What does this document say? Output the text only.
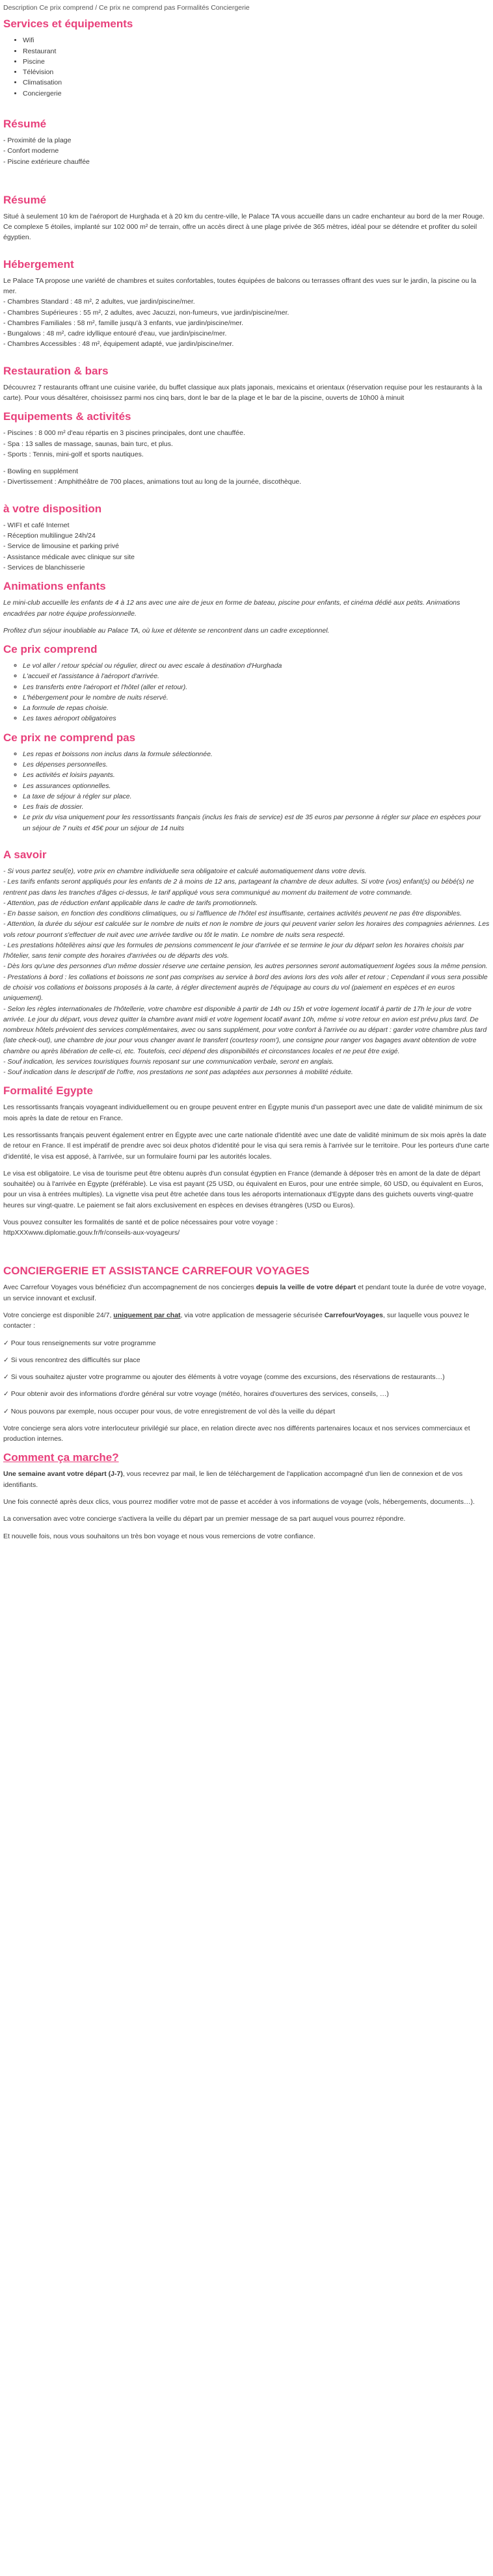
Description Ce prix comprend / Ce prix ne comprend pas Formalités Conciergerie
Services et équipements
• Wifi
• Restaurant
• Piscine
• Télévision
• Climatisation
• Conciergerie
Résumé
- Proximité de la plage
- Confort moderne
- Piscine extérieure chauffée
Résumé

Situé à seulement 10 km de l'aéroport de Hurghada et à 20 km du centre-ville, le Palace TA vous accueille dans un cadre enchanteur au bord de la mer Rouge. Ce complexe 5 étoiles, implanté sur 102 000 m² de terrain, offre un accès direct à une plage privée de 365 mètres, idéal pour se détendre et profiter du soleil égyptien.

Hébergement
Le Palace TA propose une variété de chambres et suites confortables, toutes équipées de balcons ou terrasses offrant des vues sur le jardin, la piscine ou la mer.
- Chambres Standard : 48 m², 2 adultes, vue jardin/piscine/mer.
- Chambres Supérieures : 55 m², 2 adultes, avec Jacuzzi, non-fumeurs, vue jardin/piscine/mer.
- Chambres Familiales : 58 m², famille jusqu'à 3 enfants, vue jardin/piscine/mer.
- Bungalows : 48 m², cadre idyllique entouré d'eau, vue jardin/piscine/mer.
- Chambres Accessibles : 48 m², équipement adapté, vue jardin/piscine/mer.
Restauration & bars

Découvrez 7 restaurants offrant une cuisine variée, du buffet classique aux plats japonais, mexicains et orientaux (réservation requise pour les restaurants à la carte). Pour vous désaltérer, choisissez parmi nos cinq bars, dont le bar de la plage et le bar de la piscine, ouverts de 10h00 à minuit

Equipements & activités
- Piscines : 8 000 m² d'eau répartis en 3 piscines principales, dont une chauffée.
- Spa : 13 salles de massage, saunas, bain turc, et plus.
- Sports : Tennis, mini-golf et sports nautiques.
- Bowling en supplément
- Divertissement : Amphithéâtre de 700 places, animations tout au long de la journée, discothèque.
à votre disposition
- WIFI et café Internet
- Réception multilingue 24h/24
- Service de limousine et parking privé
- Assistance médicale avec clinique sur site
- Services de blanchisserie
Animations enfants

Le mini-club accueille les enfants de 4 à 12 ans avec une aire de jeux en forme de bateau, piscine pour enfants, et cinéma dédié aux petits. Animations encadrées par notre équipe professionnelle.

Profitez d'un séjour inoubliable au Palace TA, où luxe et détente se rencontrent dans un cadre exceptionnel.

Ce prix comprend
◦ Le vol aller / retour spécial ou régulier, direct ou avec escale à destination d'Hurghada
◦ L'accueil et l'assistance à l'aéroport d'arrivée.
◦ Les transferts entre l'aéroport et l'hôtel (aller et retour).
◦ L'hébergement pour le nombre de nuits réservé.
◦ La formule de repas choisie.
◦ Les taxes aéroport obligatoires
Ce prix ne comprend pas
◦ Les repas et boissons non inclus dans la formule sélectionnée.
◦ Les dépenses personnelles.
◦ Les activités et loisirs payants.
◦ Les assurances optionnelles.
◦ La taxe de séjour à régler sur place.
◦ Les frais de dossier.
◦ Le prix du visa uniquement pour les ressortissants français (inclus les frais de service) est de 35 euros par personne à régler sur place en espèces pour un séjour de 7 nuits et 45€ pour un séjour de 14 nuits
A savoir

- Si vous partez seul(e), votre prix en chambre individuelle sera obligatoire et calculé automatiquement dans votre devis.
- Les tarifs enfants seront appliqués pour les enfants de 2 à moins de 12 ans, partageant la chambre de deux adultes. Si votre (vos) enfant(s) ou bébé(s) ne rentrent pas dans les tranches d'âges ci-dessus, le tarif appliqué vous sera communiqué au moment du traitement de votre commande.
- Attention, pas de réduction enfant applicable dans le cadre de tarifs promotionnels.
- En basse saison, en fonction des conditions climatiques, ou si l'affluence de l'hôtel est insuffisante, certaines activités peuvent ne pas être disponibles.
- Attention, la durée du séjour est calculée sur le nombre de nuits et non le nombre de jours qui peuvent varier selon les horaires des compagnies aériennes. Les vols retour pourront s'effectuer de nuit avec une arrivée tardive ou tôt le matin. Le nombre de nuits sera respecté.
- Les prestations hôtelières ainsi que les formules de pensions commencent le jour d'arrivée et se termine le jour du départ selon les horaires choisis par l'hôtelier, sans tenir compte des horaires d'arrivées ou de départs des vols.
- Dès lors qu'une des personnes d'un même dossier réserve une certaine pension, les autres personnes seront automatiquement logées sous la même pension.
- Prestations à bord : les collations et boissons ne sont pas comprises au service à bord des avions lors des vols aller et retour ; Cependant il vous sera possible de choisir vos collations et boissons proposés à la carte, à régler directement auprès de l'équipage au cours du vol (paiement en espèces et en euros uniquement).
- Selon les règles internationales de l'hôtellerie, votre chambre est disponible à partir de 14h ou 15h et votre logement locatif à partir de 17h le jour de votre arrivée. Le jour du départ, vous devez quitter la chambre avant midi et votre logement locatif avant 10h, même si votre retour en avion est prévu plus tard. De nombreux hôtels prévoient des services complémentaires, avec ou sans supplément, pour votre confort à l'arrivée ou au départ : garder votre chambre plus tard (late check-out), une chambre de jour pour vous changer avant le transfert (courtesy room'), une consigne pour ranger vos bagages avant obtention de votre chambre ou après libération de celle-ci, etc. Toutefois, ceci dépend des disponibilités et circonstances locales et ne peut être exigé.
- Souf indication, les services touristiques fournis reposant sur une communication verbale, seront en anglais.
- Souf indication dans le descriptif de l'offre, nos prestations ne sont pas adaptées aux personnes à mobilité réduite.

Formalité Egypte

Les ressortissants français voyageant individuellement ou en groupe peuvent entrer en Égypte munis d'un passeport avec une date de validité minimum de six mois après la date de retour en France.

Les ressortissants français peuvent également entrer en Égypte avec une carte nationale d'identité avec une date de validité minimum de six mois après la date de retour en France. Il est impératif de prendre avec soi deux photos d'identité pour le visa qui sera remis à l'arrivée sur le territoire. Pour les porteurs d'une carte d'identité, le visa est apposé, à l'arrivée, sur un formulaire fourni par les autorités locales.

Le visa est obligatoire. Le visa de tourisme peut être obtenu auprès d'un consulat égyptien en France (demande à déposer très en amont de la date de départ souhaitée) ou à l'arrivée en Égypte (préférable). Le visa est payant (25 USD, ou équivalent en Euros, pour une entrée simple, 60 USD, ou équivalent en Euros, pour un visa à entrées multiples). La vignette visa peut être achetée dans tous les aéroports internationaux d'Egypte dans des guichets ouverts vingt-quatre heures sur vingt-quatre. Le paiement se fait alors exclusivement en espèces en devises étrangères (USD ou Euros).

Vous pouvez consulter les formalités de santé et de police nécessaires pour votre voyage :
httpXXXwww.diplomatie.gouv.fr/fr/conseils-aux-voyageurs/

CONCIERGERIE ET ASSISTANCE CARREFOUR VOYAGES

Avec Carrefour Voyages vous bénéficiez d'un accompagnement de nos concierges depuis la veille de votre départ et pendant toute la durée de votre voyage, un service innovant et exclusif.

Votre concierge est disponible 24/7, uniquement par chat, via votre application de messagerie sécurisée CarrefourVoyages, sur laquelle vous pouvez le contacter :

✓ Pour tous renseignements sur votre programme

✓ Si vous rencontrez des difficultés sur place

✓ Si vous souhaitez ajuster votre programme ou ajouter des éléments à votre voyage (comme des excursions, des réservations de restaurants…)

✓ Pour obtenir avoir des informations d'ordre général sur votre voyage (météo, horaires d'ouvertures des services, conseils, …)

✓ Nous pouvons par exemple, nous occuper pour vous, de votre enregistrement de vol dès la veille du départ

Votre concierge sera alors votre interlocuteur privilégié sur place, en relation directe avec nos différents partenaires locaux et nos services commerciaux et production internes.

Comment ça marche?

Une semaine avant votre départ (J-7), vous recevrez par mail, le lien de téléchargement de l'application accompagné d'un lien de connexion et de vos identifiants.

Une fois connecté après deux clics, vous pourrez modifier votre mot de passe et accéder à vos informations de voyage (vols, hébergements, documents…).

La conversation avec votre concierge s'activera la veille du départ par un premier message de sa part auquel vous pourrez répondre.

Et nouvelle fois, nous vous souhaitons un très bon voyage et nous vous remercions de votre confiance.
